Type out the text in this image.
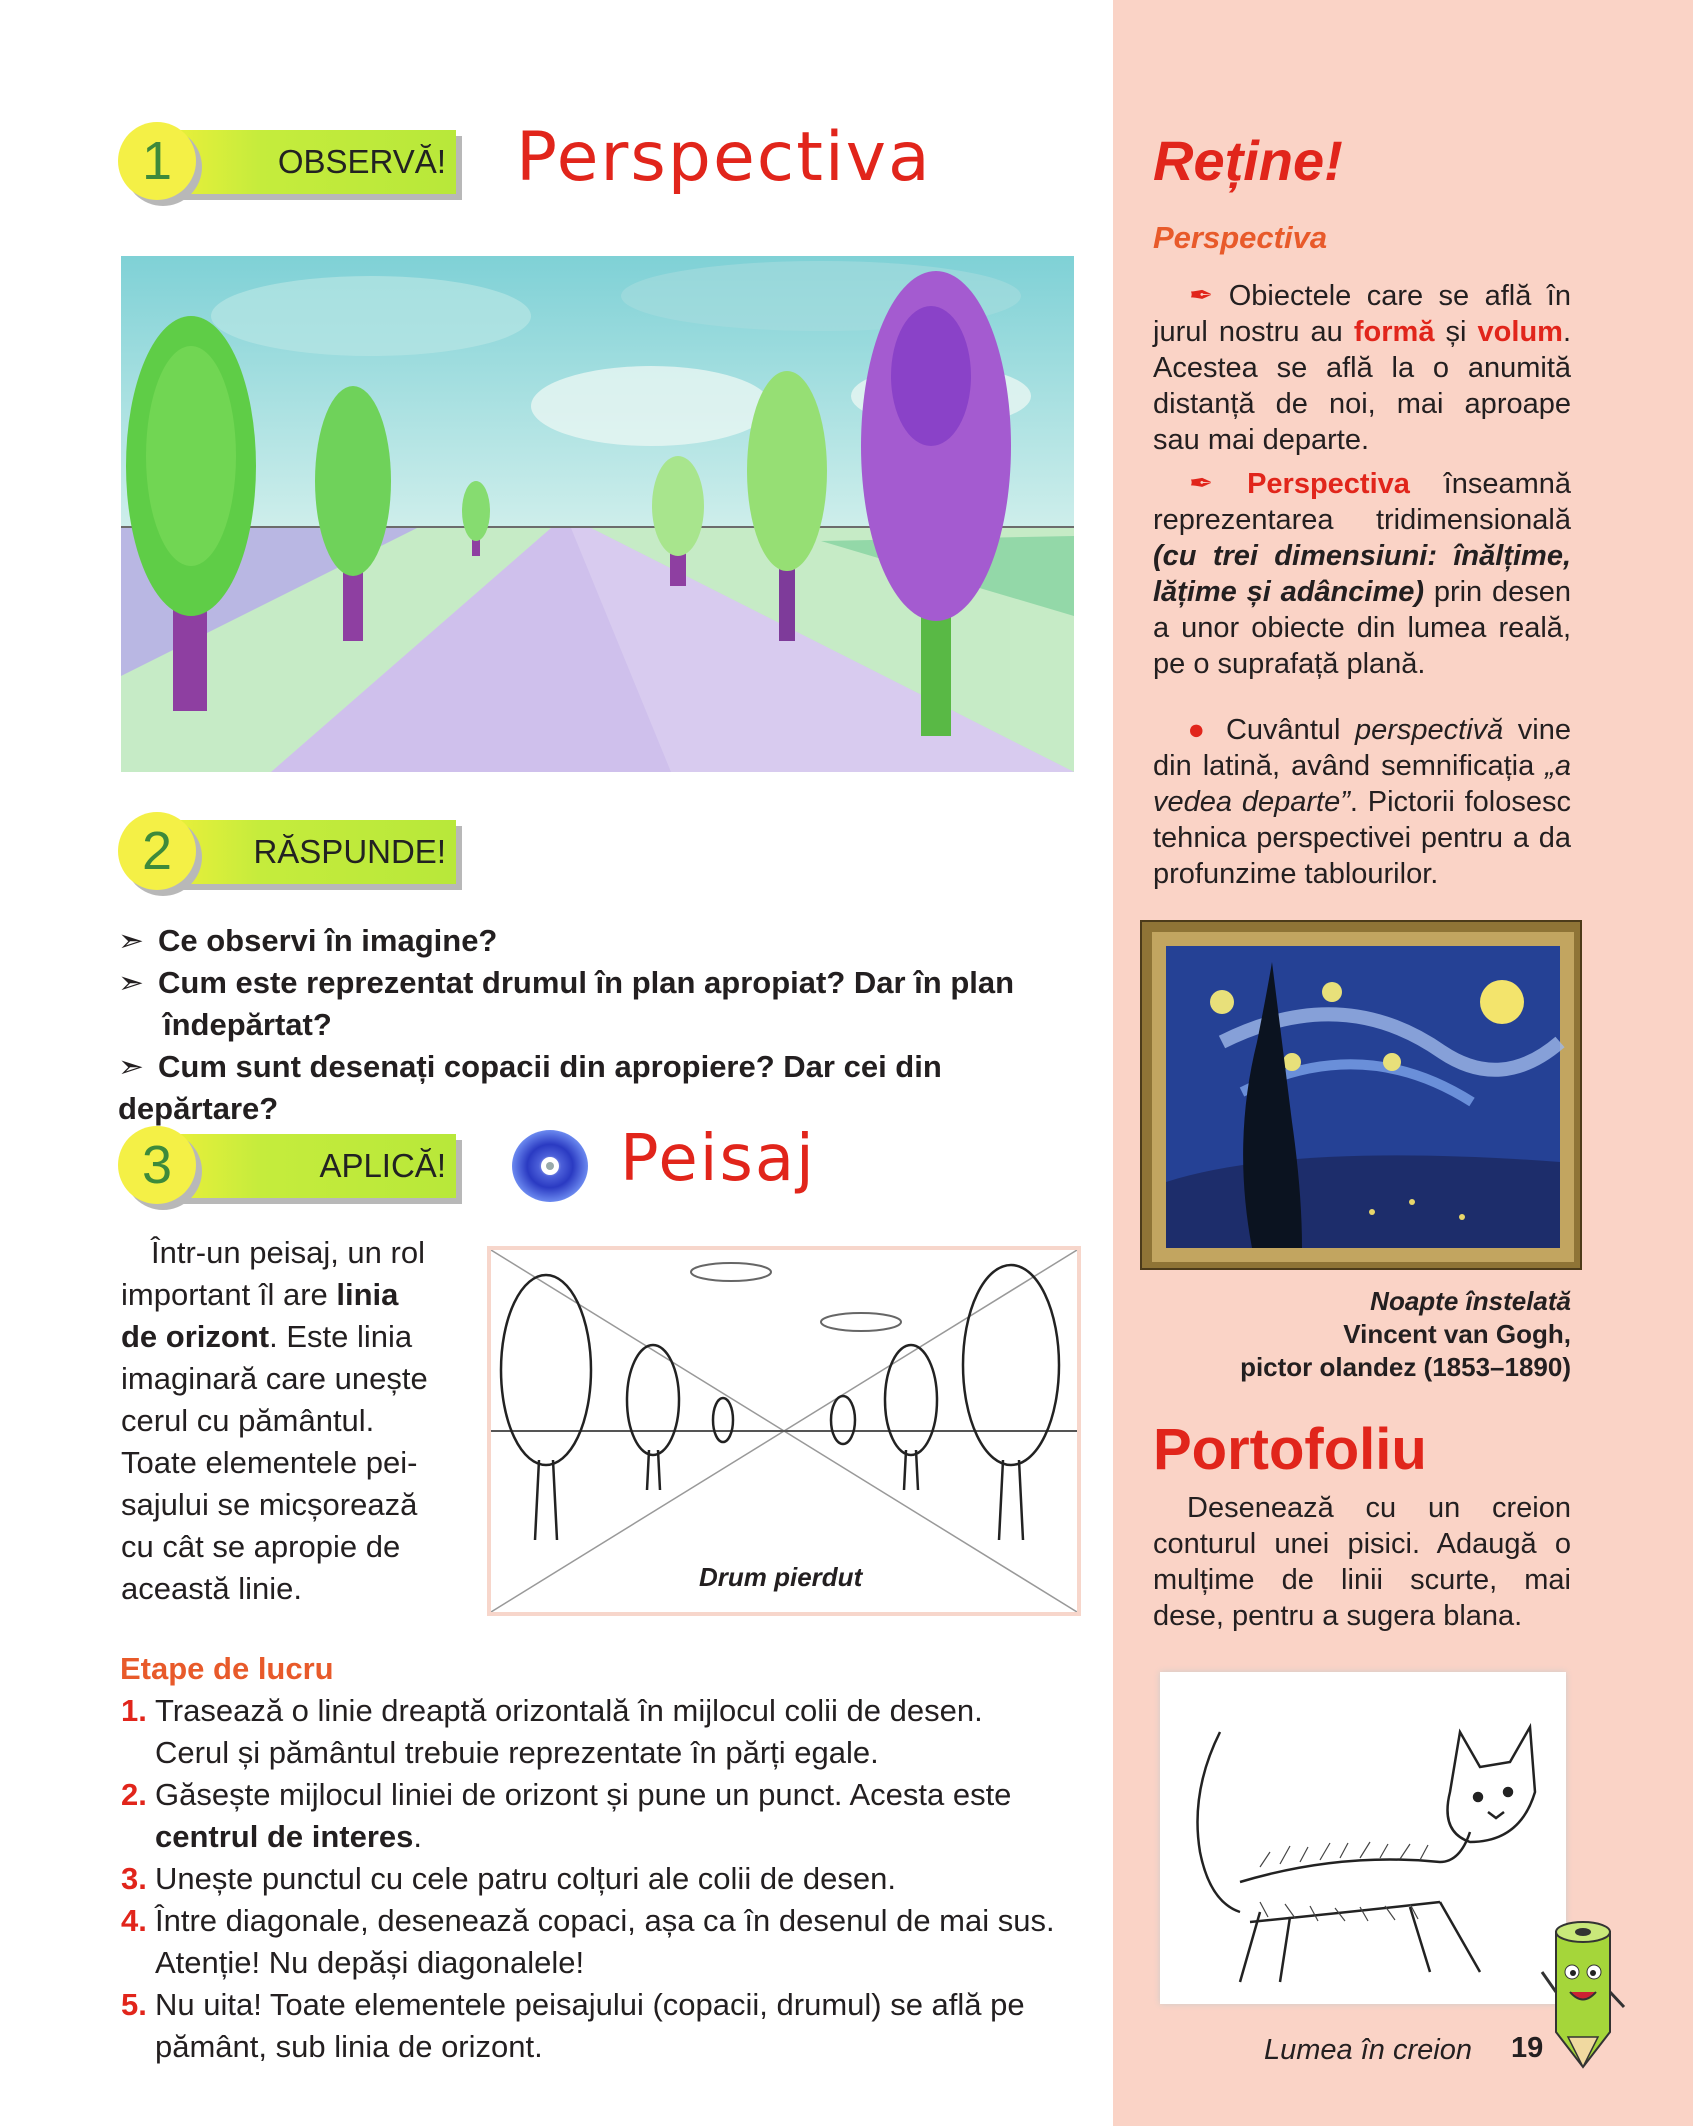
1	OBSERVĂ! Perspectiva
2	RĂSPUNDE!
➣ Ce observi în imagine?
➣ Cum este reprezentat drumul în plan apropiat? Dar în plan
îndepărtat?
➣ Cum sunt desenați copacii din apropiere? Dar cei din depărtare?
3	APLICĂ!	Peisaj
Într-un peisaj, un rol
important îl are linia
de orizont. Este linia
imaginară care unește
cerul cu pământul.
Toate elementele pei-
sajului se micșorează
cu cât se apropie de
această linie.	Drum pierdut
Etape de lucru
1. Trasează o linie dreaptă orizontală în mijlocul colii de desen.
Cerul și pământul trebuie reprezentate în părți egale.
2. Găsește mijlocul liniei de orizont și pune un punct. Acesta este
centrul de interes.
3. Unește punctul cu cele patru colțuri ale colii de desen.
4. Între diagonale, desenează copaci, așa ca în desenul de mai sus.
Atenție! Nu depăși diagonalele!
5. Nu uita! Toate elementele peisajului (copacii, drumul) se află pe
pământ, sub linia de orizont.
Reține!
Perspectiva
✒ Obiectele care se află în jurul nostru au formă și volum. Acestea se află la o anumită distanță de noi, mai aproape sau mai departe.
✒ Perspectiva înseamnă reprezentarea tridimensională (cu trei dimensiuni: înălțime, lățime și adâncime) prin desen a unor obiecte din lumea reală, pe o suprafață plană.
● Cuvântul perspectivă vine din latină, având semnificația „a vedea departe”. Pictorii folosesc tehnica perspectivei pentru a da profunzime tablourilor.
Noapte înstelată
Vincent van Gogh,
pictor olandez (1853–1890)
Portofoliu
Desenează cu un creion conturul unei pisici. Adaugă o mulțime de linii scurte, mai dese, pentru a sugera blana.
Lumea în creion 19
